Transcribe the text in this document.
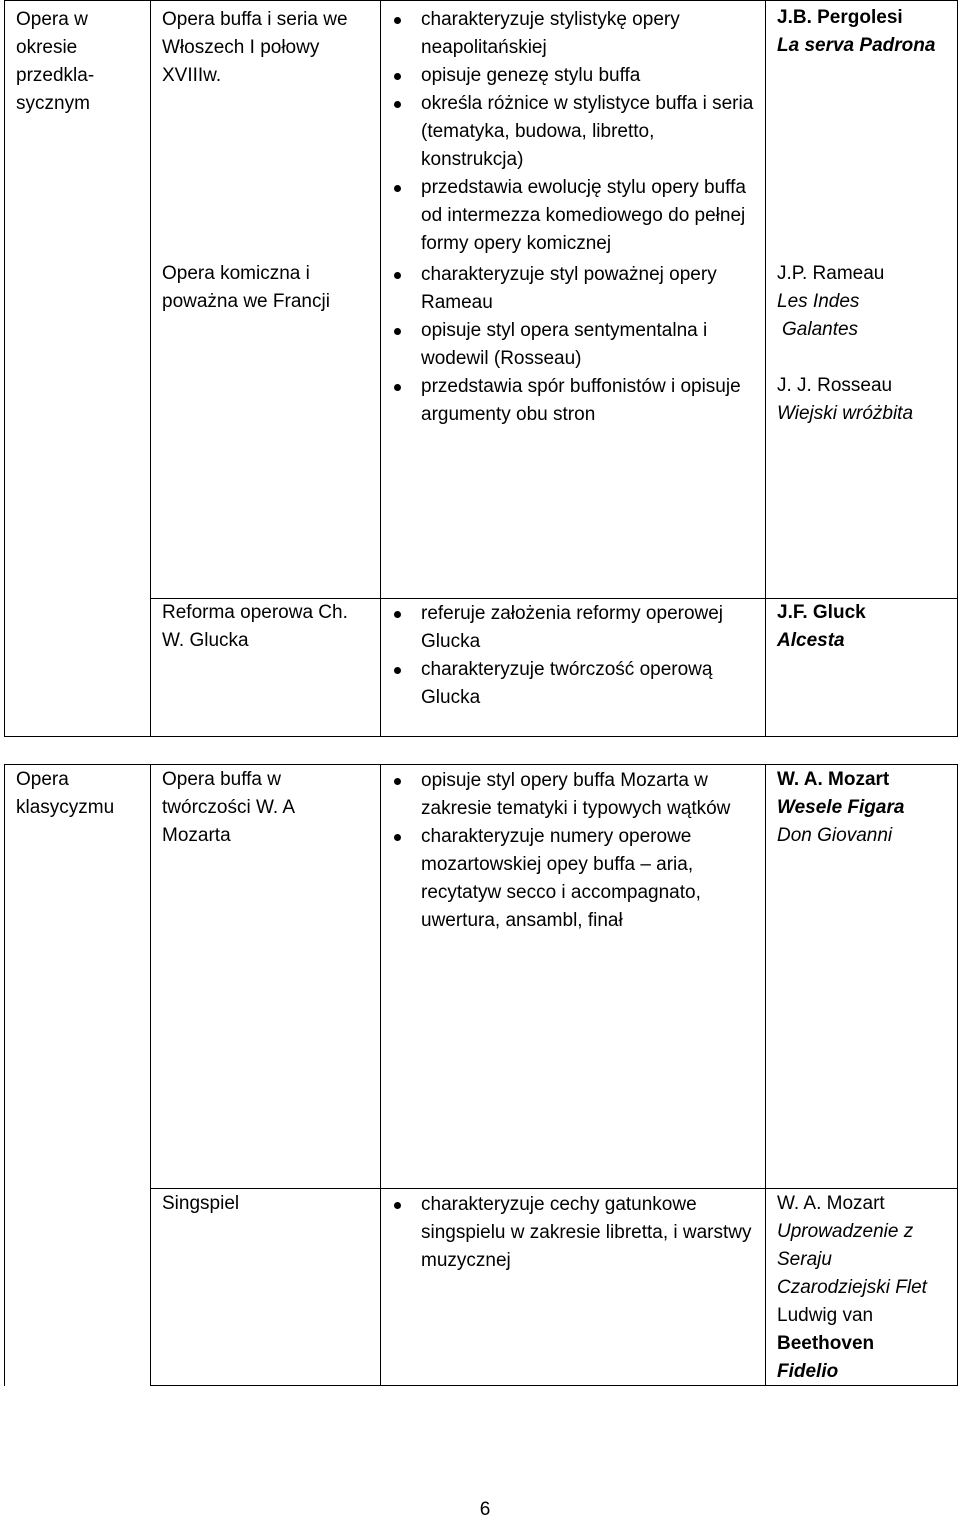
Opera w okresie przedkla-
sycznym
Opera buffa i seria we Włoszech I połowy XVIIIw.
charakteryzuje stylistykę opery neapolitańskiej
opisuje genezę stylu buffa
określa różnice w stylistyce buffa i seria (tematyka, budowa, libretto, konstrukcja)
przedstawia ewolucję stylu opery buffa od intermezza komediowego do pełnej formy opery komicznej
J.B. Pergolesi
La serva Padrona
Opera komiczna i poważna we Francji
charakteryzuje styl poważnej opery Rameau
opisuje styl opera sentymentalna i wodewil (Rosseau)
przedstawia spór buffonistów i opisuje argumenty obu stron
J.P. Rameau
Les Indes
Galantes
J. J. Rosseau
Wiejski wróżbita
Reforma operowa Ch. W. Glucka
referuje założenia reformy operowej Glucka
charakteryzuje twórczość operową Glucka
J.F. Gluck
Alcesta
Opera
klasycyzmu
Opera buffa w twórczości W. A Mozarta
opisuje styl opery buffa Mozarta w zakresie tematyki i typowych wątków
charakteryzuje numery operowe mozartowskiej opey buffa – aria, recytatyw secco i accompagnato, uwertura, ansambl, finał
W. A. Mozart
Wesele Figara
Don Giovanni
Singspiel	charakteryzuje cechy gatunkowe singspielu w zakresie libretta, i warstwy muzycznej
W. A. Mozart
Uprowadzenie z
Seraju
Czarodziejski Flet
Ludwig van
Beethoven
Fidelio
6
